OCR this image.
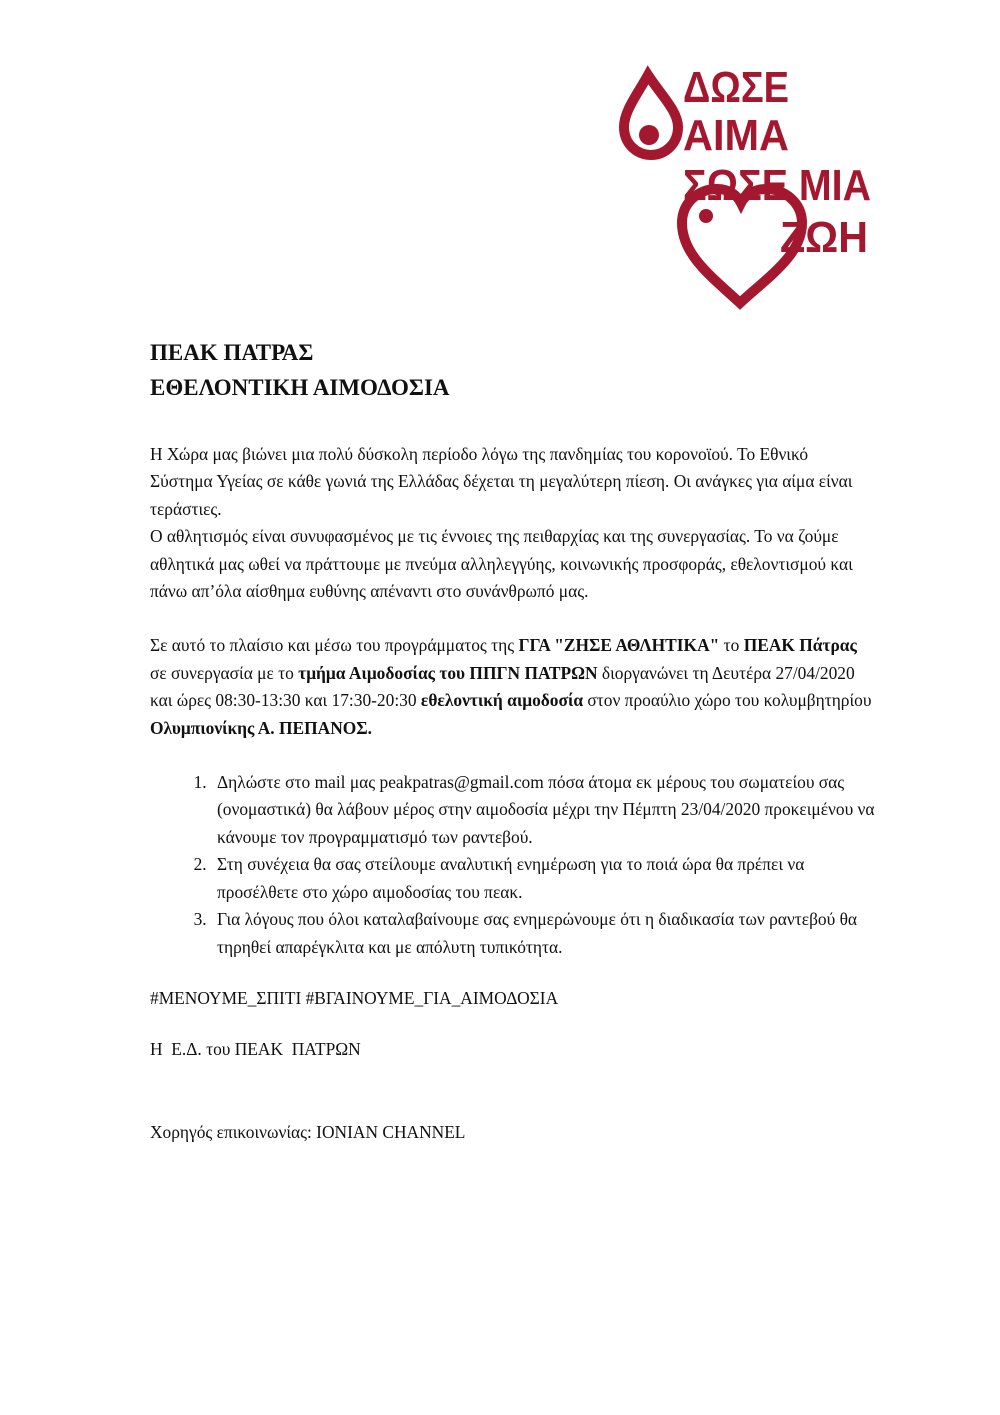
ΔΩΣΕ
ΑΙΜΑ
ΣΩΣΕ ΜΙΑ
ΖΩΗ
ΠΕΑΚ ΠΑΤΡΑΣ
ΕΘΕΛΟΝΤΙΚΗ ΑΙΜΟΔΟΣΙΑ

Η Χώρα μας βιώνει μια πολύ δύσκολη περίοδο λόγω της πανδημίας του κορονοϊού. Το Εθνικό Σύστημα Υγείας σε κάθε γωνιά της Ελλάδας δέχεται τη μεγαλύτερη πίεση. Οι ανάγκες για αίμα είναι τεράστιες.
Ο αθλητισμός είναι συνυφασμένος με τις έννοιες της πειθαρχίας και της συνεργασίας. Το να ζούμε αθλητικά μας ωθεί να πράττουμε με πνεύμα αλληλεγγύης, κοινωνικής προσφοράς, εθελοντισμού και πάνω απ’όλα αίσθημα ευθύνης απέναντι στο συνάνθρωπό μας.

Σε αυτό το πλαίσιο και μέσω του προγράμματος της ΓΓΑ "ΖΗΣΕ ΑΘΛΗΤΙΚΑ" το ΠΕΑΚ Πάτρας σε συνεργασία με το τμήμα Αιμοδοσίας του ΠΠΓΝ ΠΑΤΡΩΝ διοργανώνει τη Δευτέρα 27/04/2020 και ώρες 08:30-13:30 και 17:30-20:30 εθελοντική αιμοδοσία στον προαύλιο χώρο του κολυμβητηρίου Ολυμπιονίκης Α. ΠΕΠΑΝΟΣ.

1. Δηλώστε στο mail μας peakpatras@gmail.com πόσα άτομα εκ μέρους του σωματείου σας (ονομαστικά) θα λάβουν μέρος στην αιμοδοσία μέχρι την Πέμπτη 23/04/2020 προκειμένου να κάνουμε τον προγραμματισμό των ραντεβού.
2. Στη συνέχεια θα σας στείλουμε αναλυτική ενημέρωση για το ποιά ώρα θα πρέπει να προσέλθετε στο χώρο αιμοδοσίας του πεακ.
3. Για λόγους που όλοι καταλαβαίνουμε σας ενημερώνουμε ότι η διαδικασία των ραντεβού θα τηρηθεί απαρέγκλιτα και με απόλυτη τυπικότητα.
#ΜΕΝΟΥΜΕ_ΣΠΙΤΙ #ΒΓΑΙΝΟΥΜΕ_ΓΙΑ_ΑΙΜΟΔΟΣΙΑ
Η  Ε.Δ. του ΠΕΑΚ  ΠΑΤΡΩΝ
Χορηγός επικοινωνίας: IONIAN CHANNEL
